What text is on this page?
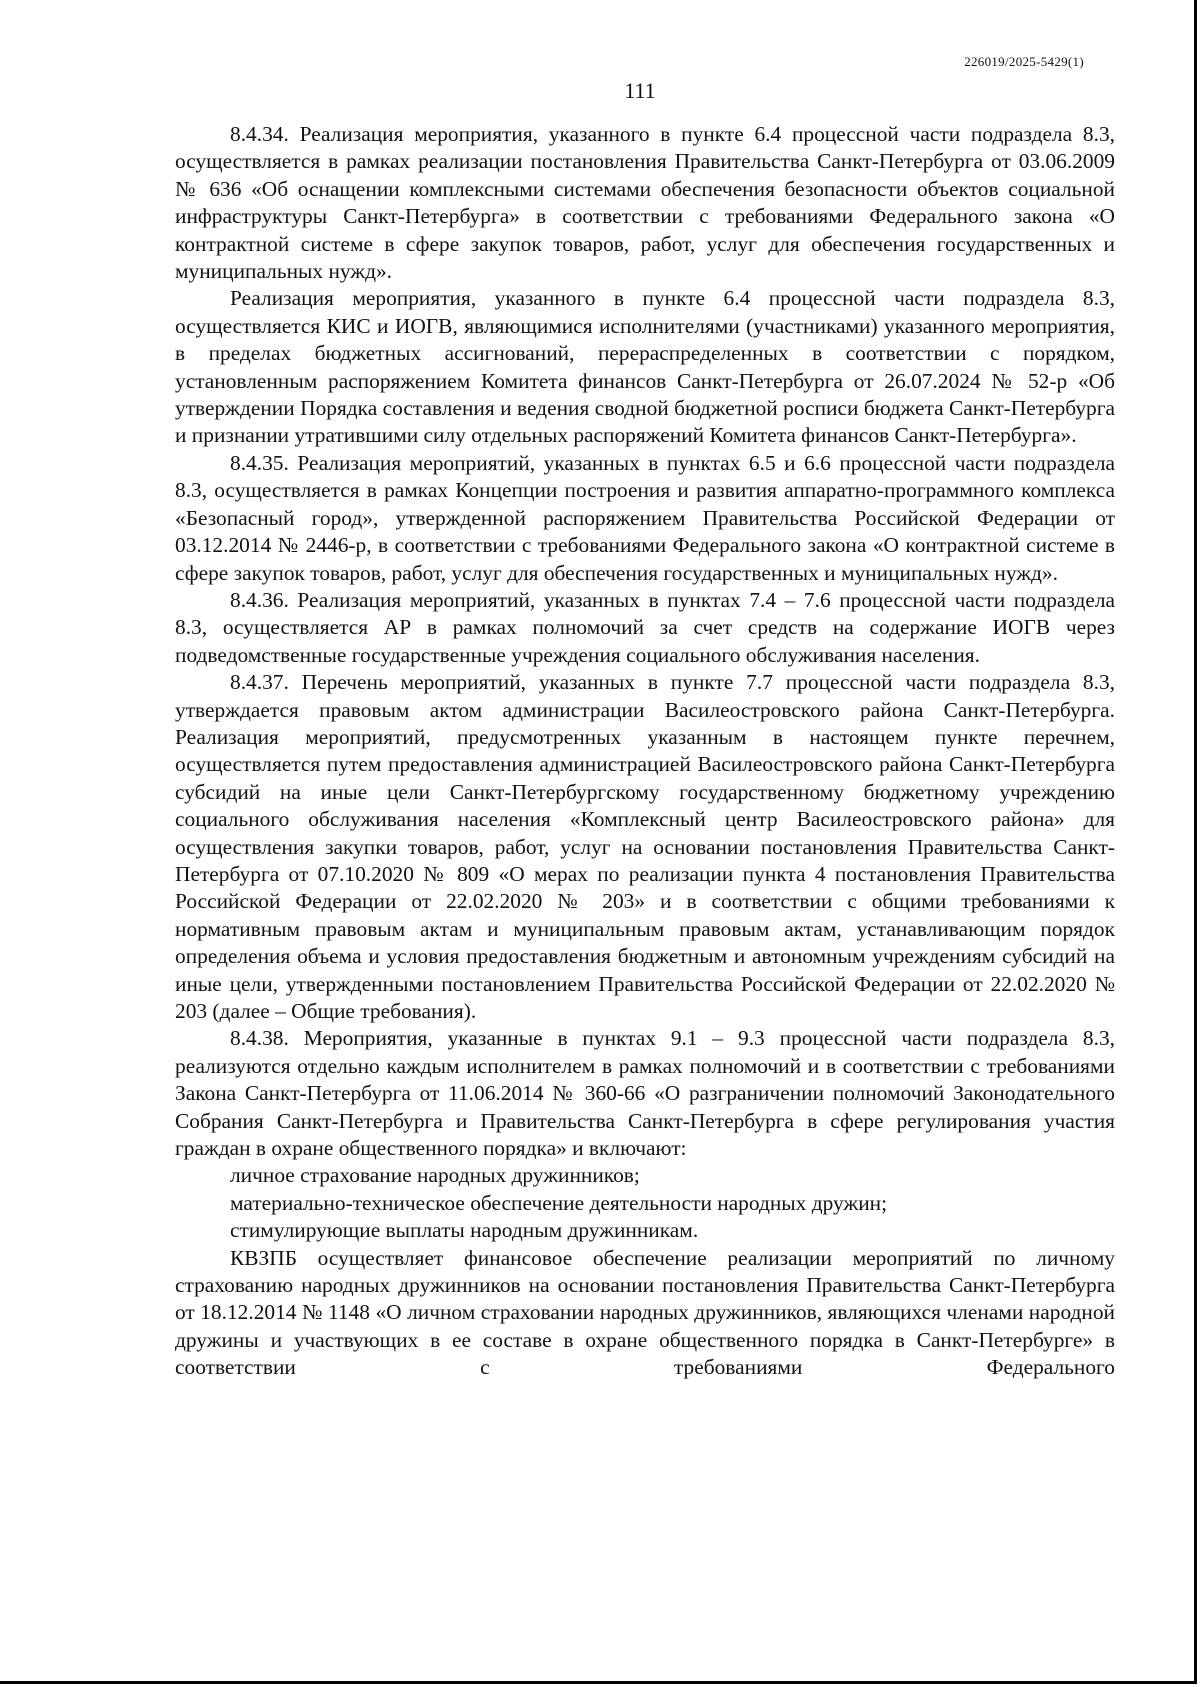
226019/2025-5429(1)
111

8.4.34. Реализация мероприятия, указанного в пункте 6.4 процессной части подраздела 8.3, осуществляется в рамках реализации постановления Правительства Санкт-Петербурга от 03.06.2009 № 636 «Об оснащении комплексными системами обеспечения безопасности объектов социальной инфраструктуры Санкт-Петербурга» в соответствии с требованиями Федерального закона «О контрактной системе в сфере закупок товаров, работ, услуг для обеспечения государственных и муниципальных нужд».

Реализация мероприятия, указанного в пункте 6.4 процессной части подраздела 8.3, осуществляется КИС и ИОГВ, являющимися исполнителями (участниками) указанного мероприятия, в пределах бюджетных ассигнований, перераспределенных в соответствии с порядком, установленным распоряжением Комитета финансов Санкт-Петербурга от 26.07.2024 № 52-р «Об утверждении Порядка составления и ведения сводной бюджетной росписи бюджета Санкт-Петербурга и признании утратившими силу отдельных распоряжений Комитета финансов Санкт-Петербурга».

8.4.35. Реализация мероприятий, указанных в пунктах 6.5 и 6.6 процессной части подраздела 8.3, осуществляется в рамках Концепции построения и развития аппаратно-программного комплекса «Безопасный город», утвержденной распоряжением Правительства Российской Федерации от 03.12.2014 № 2446-р, в соответствии с требованиями Федерального закона «О контрактной системе в сфере закупок товаров, работ, услуг для обеспечения государственных и муниципальных нужд».

8.4.36. Реализация мероприятий, указанных в пунктах 7.4 – 7.6 процессной части подраздела 8.3, осуществляется АР в рамках полномочий за счет средств на содержание ИОГВ через подведомственные государственные учреждения социального обслуживания населения.

8.4.37. Перечень мероприятий, указанных в пункте 7.7 процессной части подраздела 8.3, утверждается правовым актом администрации Василеостровского района Санкт-Петербурга. Реализация мероприятий, предусмотренных указанным в настоящем пункте перечнем, осуществляется путем предоставления администрацией Василеостровского района Санкт-Петербурга субсидий на иные цели Санкт-Петербургскому государственному бюджетному учреждению социального обслуживания населения «Комплексный центр Василеостровского района» для осуществления закупки товаров, работ, услуг на основании постановления Правительства Санкт-Петербурга от 07.10.2020 № 809 «О мерах по реализации пункта 4 постановления Правительства Российской Федерации от 22.02.2020 № 203» и в соответствии с общими требованиями к нормативным правовым актам и муниципальным правовым актам, устанавливающим порядок определения объема и условия предоставления бюджетным и автономным учреждениям субсидий на иные цели, утвержденными постановлением Правительства Российской Федерации от 22.02.2020 № 203 (далее – Общие требования).

8.4.38. Мероприятия, указанные в пунктах 9.1 – 9.3 процессной части подраздела 8.3, реализуются отдельно каждым исполнителем в рамках полномочий и в соответствии с требованиями Закона Санкт-Петербурга от 11.06.2014 № 360-66 «О разграничении полномочий Законодательного Собрания Санкт-Петербурга и Правительства Санкт-Петербурга в сфере регулирования участия граждан в охране общественного порядка» и включают:

личное страхование народных дружинников;

материально-техническое обеспечение деятельности народных дружин;

стимулирующие выплаты народным дружинникам.

КВЗПБ осуществляет финансовое обеспечение реализации мероприятий по личному страхованию народных дружинников на основании постановления Правительства Санкт-Петербурга от 18.12.2014 № 1148 «О личном страховании народных дружинников, являющихся членами народной дружины и участвующих в ее составе в охране общественного порядка в Санкт-Петербурге» в соответствии с требованиями Федерального
